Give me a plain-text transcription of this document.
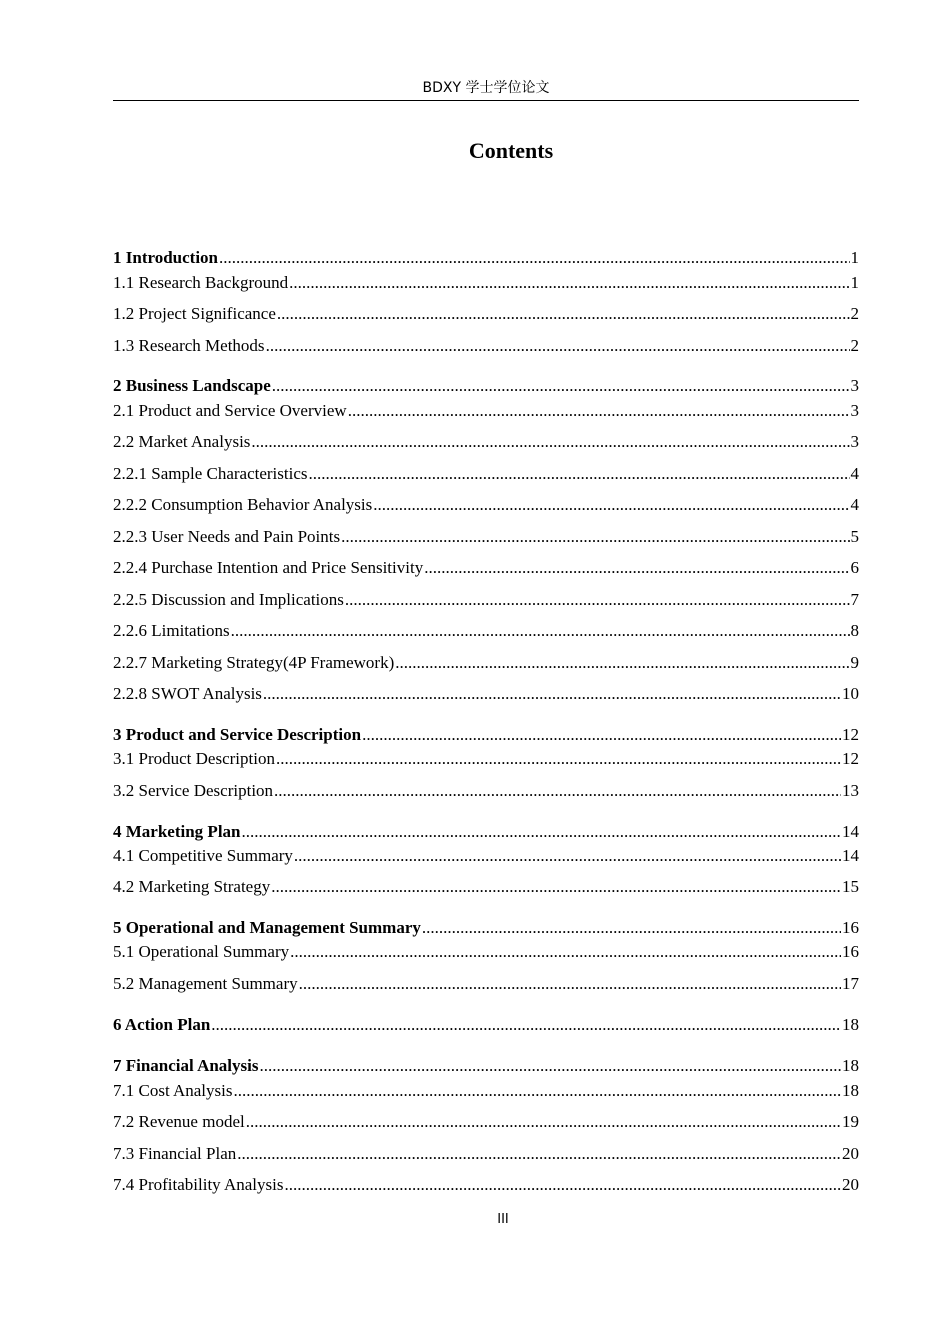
BDXY 学士学位论文
Contents
1 Introduction .....	1
1.1 Research Background .....	1
1.2 Project Significance .....	2
1.3 Research Methods .....	2
2 Business Landscape .....	3
2.1 Product and Service Overview .....	3
2.2 Market Analysis .....	3
2.2.1 Sample Characteristics .....	4
2.2.2 Consumption Behavior Analysis .....	4
2.2.3 User Needs and Pain Points .....	5
2.2.4 Purchase Intention and Price Sensitivity .....	6
2.2.5 Discussion and Implications .....	7
2.2.6 Limitations .....	8
2.2.7 Marketing Strategy(4P Framework) .....	9
2.2.8 SWOT Analysis .....	10
3 Product and Service Description .....	12
3.1 Product Description .....	12
3.2 Service Description .....	13
4 Marketing Plan .....	14
4.1 Competitive Summary .....	14
4.2 Marketing Strategy .....	15
5 Operational and Management Summary .....	16
5.1 Operational Summary .....	16
5.2 Management Summary .....	17
6 Action Plan .....	18
7 Financial Analysis .....	18
7.1 Cost Analysis .....	18
7.2 Revenue model .....	19
7.3 Financial Plan .....	20
7.4 Profitability Analysis .....	20
III
